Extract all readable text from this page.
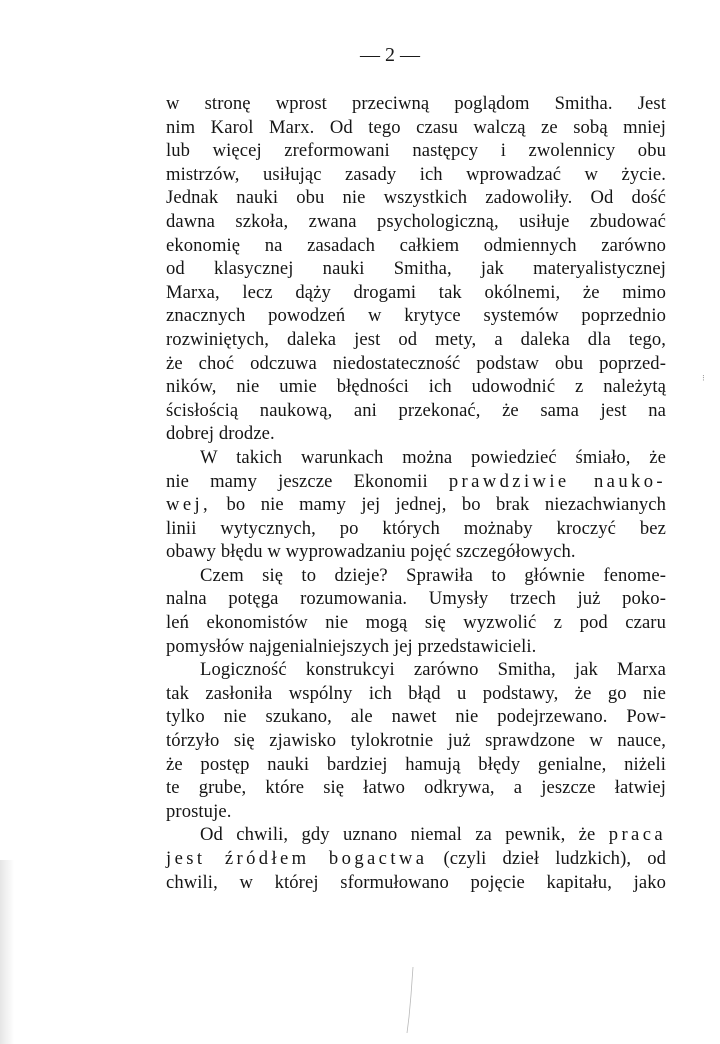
— 2 —
w stronę wprost przeciwną poglądom Smitha. Jest
nim Karol Marx. Od tego czasu walczą ze sobą mniej
lub więcej zreformowani następcy i zwolennicy obu
mistrzów, usiłując zasady ich wprowadzać w życie.
Jednak nauki obu nie wszystkich zadowoliły. Od dość
dawna szkoła, zwana psychologiczną, usiłuje zbudować
ekonomię na zasadach całkiem odmiennych zarówno
od klasycznej nauki Smitha, jak materyalistycznej
Marxa, lecz dąży drogami tak okólnemi, że mimo
znacznych powodzeń w krytyce systemów poprzednio
rozwiniętych, daleka jest od mety, a daleka dla tego,
że choć odczuwa niedostateczność podstaw obu poprzed-
ników, nie umie błędności ich udowodnić z należytą
ścisłością naukową, ani przekonać, że sama jest na
dobrej drodze.
W takich warunkach można powiedzieć śmiało, że
nie mamy jeszcze Ekonomii prawdziwie nauko-
wej, bo nie mamy jej jednej, bo brak niezachwianych
linii wytycznych, po których możnaby kroczyć bez
obawy błędu w wyprowadzaniu pojęć szczegółowych.
Czem się to dzieje? Sprawiła to głównie fenome-
nalna potęga rozumowania. Umysły trzech już poko-
leń ekonomistów nie mogą się wyzwolić z pod czaru
pomysłów najgenialniejszych jej przedstawicieli.
Logiczność konstrukcyi zarówno Smitha, jak Marxa
tak zasłoniła wspólny ich błąd u podstawy, że go nie
tylko nie szukano, ale nawet nie podejrzewano. Pow-
tórzyło się zjawisko tylokrotnie już sprawdzone w nauce,
że postęp nauki bardziej hamują błędy genialne, niżeli
te grube, które się łatwo odkrywa, a jeszcze łatwiej
prostuje.
Od chwili, gdy uznano niemal za pewnik, że praca
jest źródłem bogactwa (czyli dzieł ludzkich), od
chwili, w której sformułowano pojęcie kapitału, jako
⁝
